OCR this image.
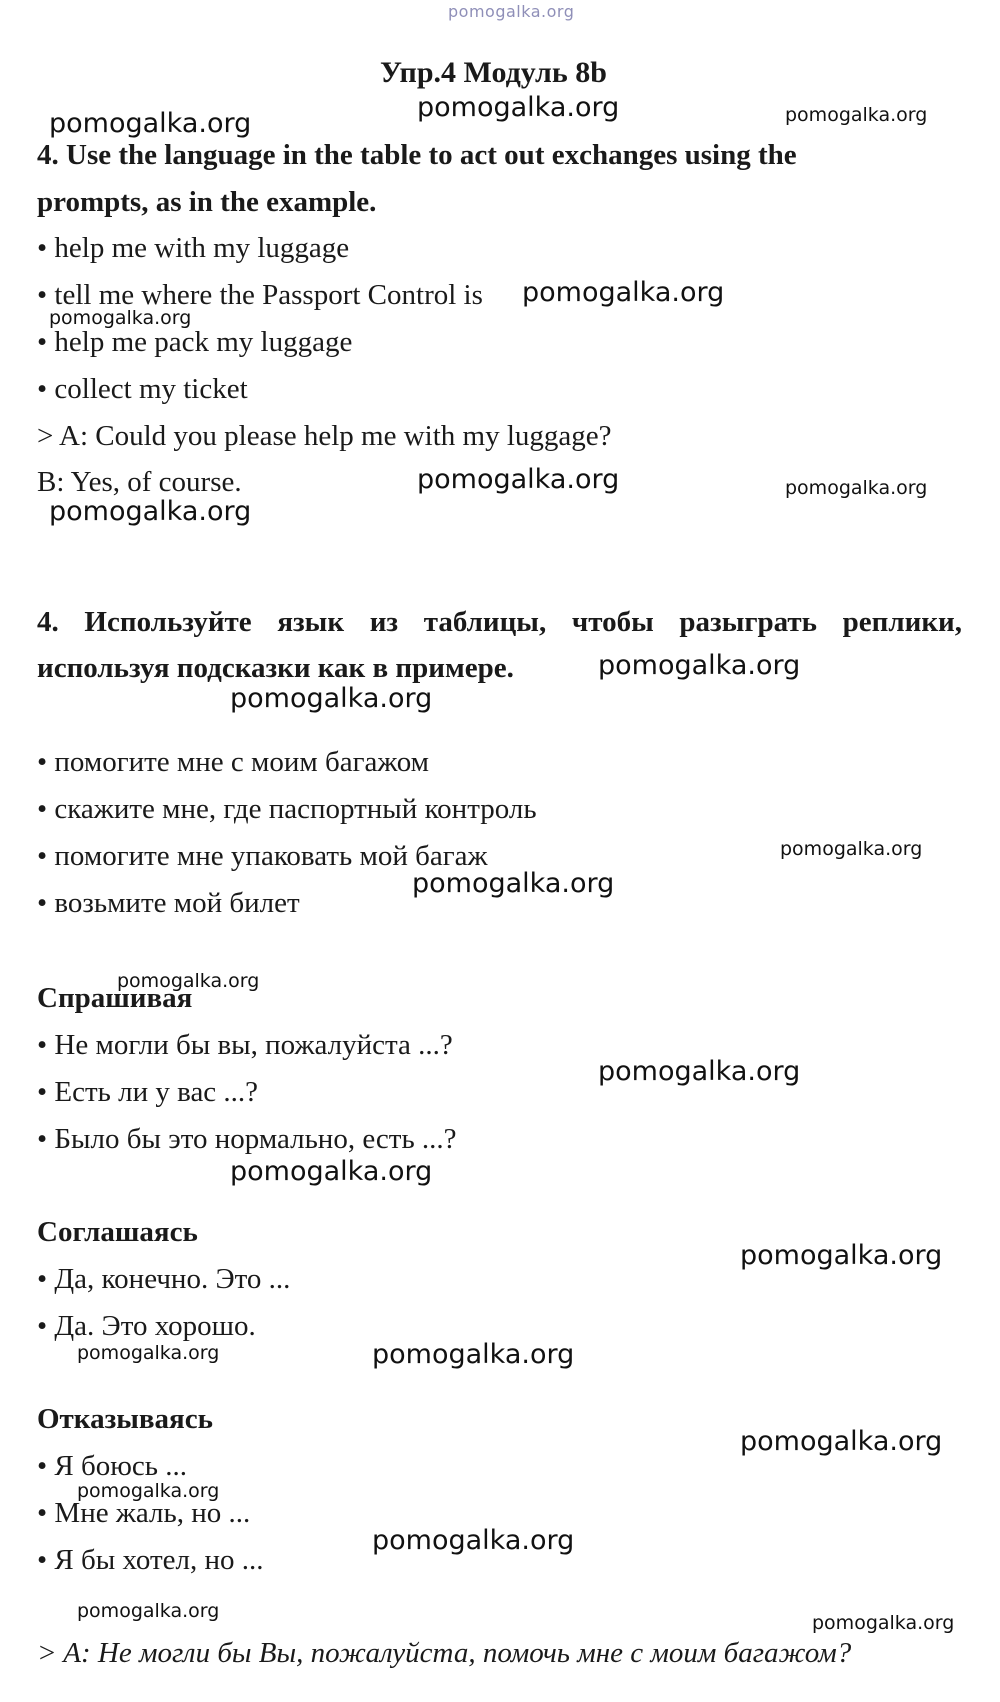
pomogalka.org
Упр.4 Модуль 8b
4. Use the language in the table to act out exchanges using the
prompts, as in the example.
• help me with my luggage
• tell me where the Passport Control is
• help me pack my luggage
• collect my ticket
> A: Could you please help me with my luggage?
B: Yes, of course.
4. Используйте язык из таблицы, чтобы разыграть реплики,
используя подсказки как в примере.
• помогите мне с моим багажом
• скажите мне, где паспортный контроль
• помогите мне упаковать мой багаж
• возьмите мой билет
Спрашивая
• Не могли бы вы, пожалуйста ...?
• Есть ли у вас ...?
• Было бы это нормально, есть ...?
Соглашаясь
• Да, конечно. Это ...
• Да. Это хорошо.
Отказываясь
• Я боюсь ...
• Мне жаль, но ...
• Я бы хотел, но ...
> A: Не могли бы Вы, пожалуйста, помочь мне с моим багажом?
pomogalka.org
pomogalka.org	pomogalka.org
pomogalka.org
pomogalka.org
pomogalka.org	pomogalka.org
pomogalka.org
pomogalka.org
pomogalka.org
pomogalka.org
pomogalka.org
pomogalka.org
pomogalka.org
pomogalka.org
pomogalka.org
pomogalka.org	pomogalka.org
pomogalka.org
pomogalka.org
pomogalka.org
pomogalka.org
pomogalka.org
